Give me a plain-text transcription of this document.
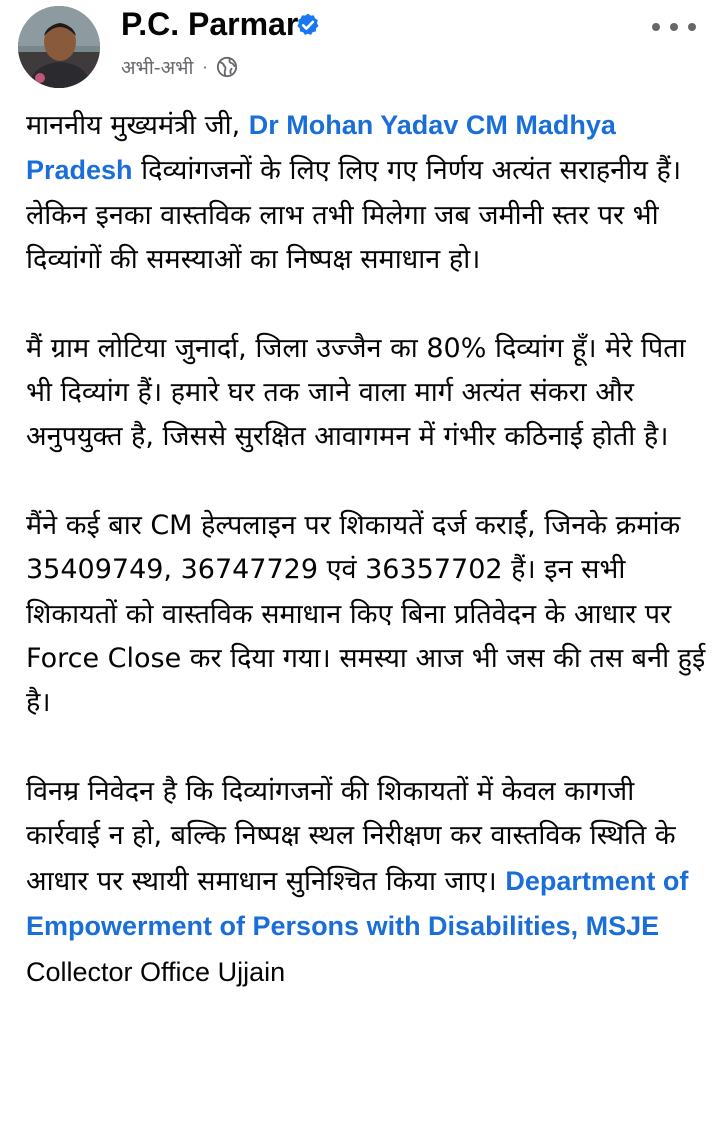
P.C. Parmar
अभी-अभी ·

माननीय मुख्यमंत्री जी, Dr Mohan Yadav CM Madhya Pradesh दिव्यांगजनों के लिए लिए गए निर्णय अत्यंत सराहनीय हैं। लेकिन इनका वास्तविक लाभ तभी मिलेगा जब जमीनी स्तर पर भी दिव्यांगों की समस्याओं का निष्पक्ष समाधान हो।

मैं ग्राम लोटिया जुनार्दा, जिला उज्जैन का 80% दिव्यांग हूँ। मेरे पिता भी दिव्यांग हैं। हमारे घर तक जाने वाला मार्ग अत्यंत संकरा और अनुपयुक्त है, जिससे सुरक्षित आवागमन में गंभीर कठिनाई होती है।

मैंने कई बार CM हेल्पलाइन पर शिकायतें दर्ज कराईं, जिनके क्रमांक 35409749, 36747729 एवं 36357702 हैं। इन सभी शिकायतों को वास्तविक समाधान किए बिना प्रतिवेदन के आधार पर Force Close कर दिया गया। समस्या आज भी जस की तस बनी हुई है।

विनम्र निवेदन है कि दिव्यांगजनों की शिकायतों में केवल कागजी कार्रवाई न हो, बल्कि निष्पक्ष स्थल निरीक्षण कर वास्तविक स्थिति के आधार पर स्थायी समाधान सुनिश्चित किया जाए। Department of Empowerment of Persons with Disabilities, MSJE Collector Office Ujjain
